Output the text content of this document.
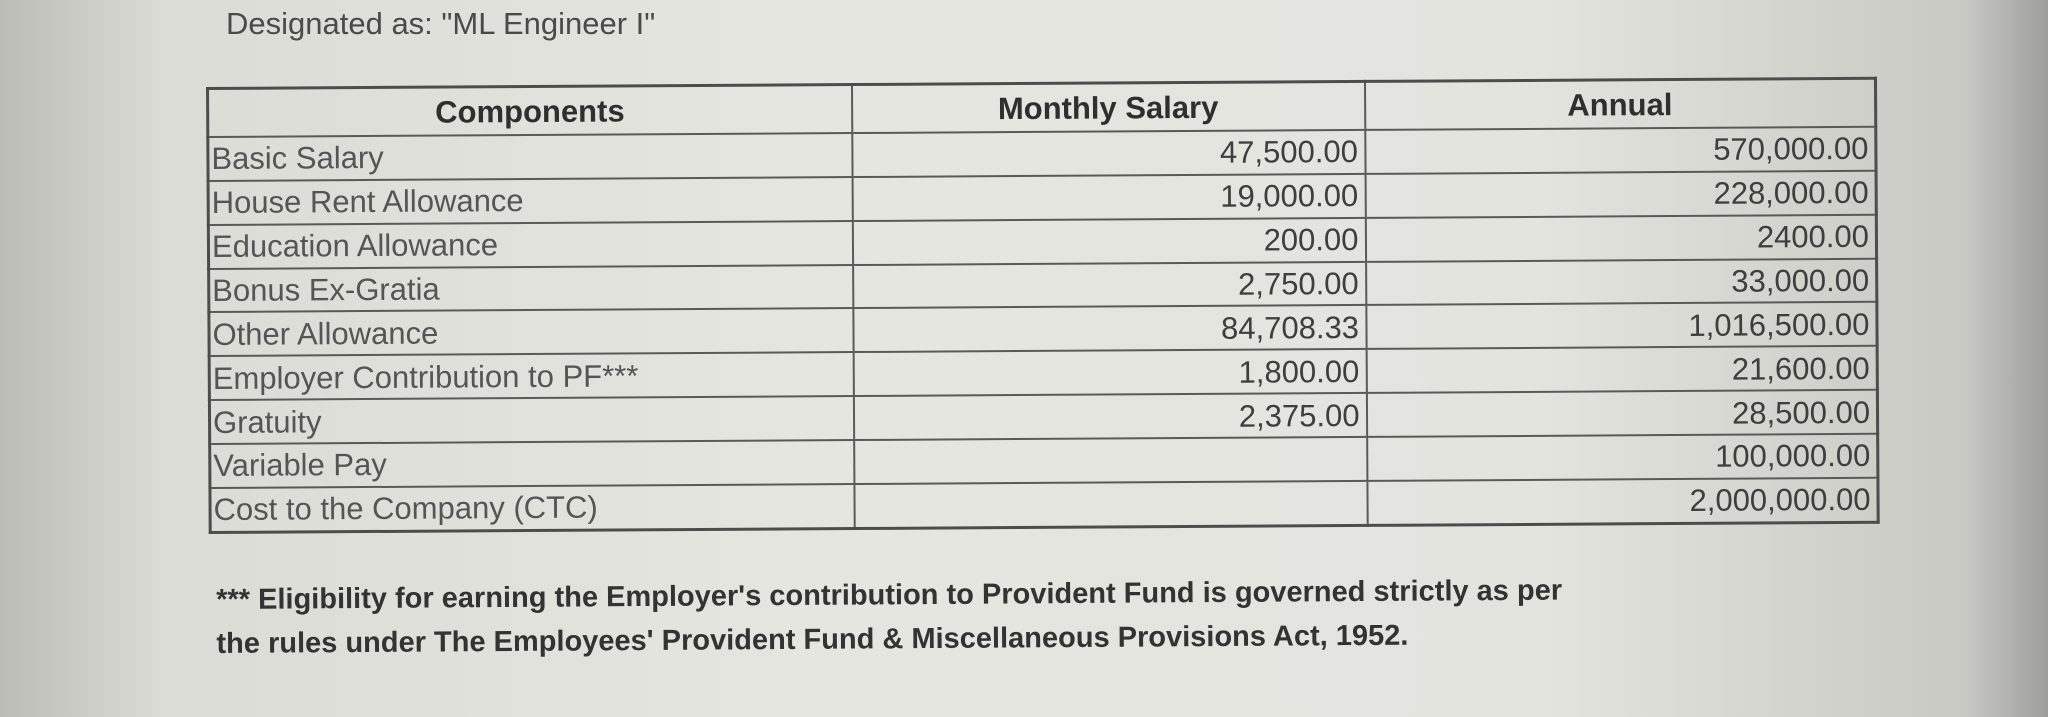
Designated as: "ML Engineer I"
Components	Monthly Salary	Annual
Basic Salary	47,500.00	570,000.00
House Rent Allowance	19,000.00	228,000.00
Education Allowance	200.00	2400.00
Bonus Ex-Gratia	2,750.00	33,000.00
Other Allowance	84,708.33	1,016,500.00
Employer Contribution to PF***	1,800.00	21,600.00
Gratuity	2,375.00	28,500.00
Variable Pay		100,000.00
Cost to the Company (CTC)		2,000,000.00
*** Eligibility for earning the Employer's contribution to Provident Fund is governed strictly as per
the rules under The Employees' Provident Fund & Miscellaneous Provisions Act, 1952.
